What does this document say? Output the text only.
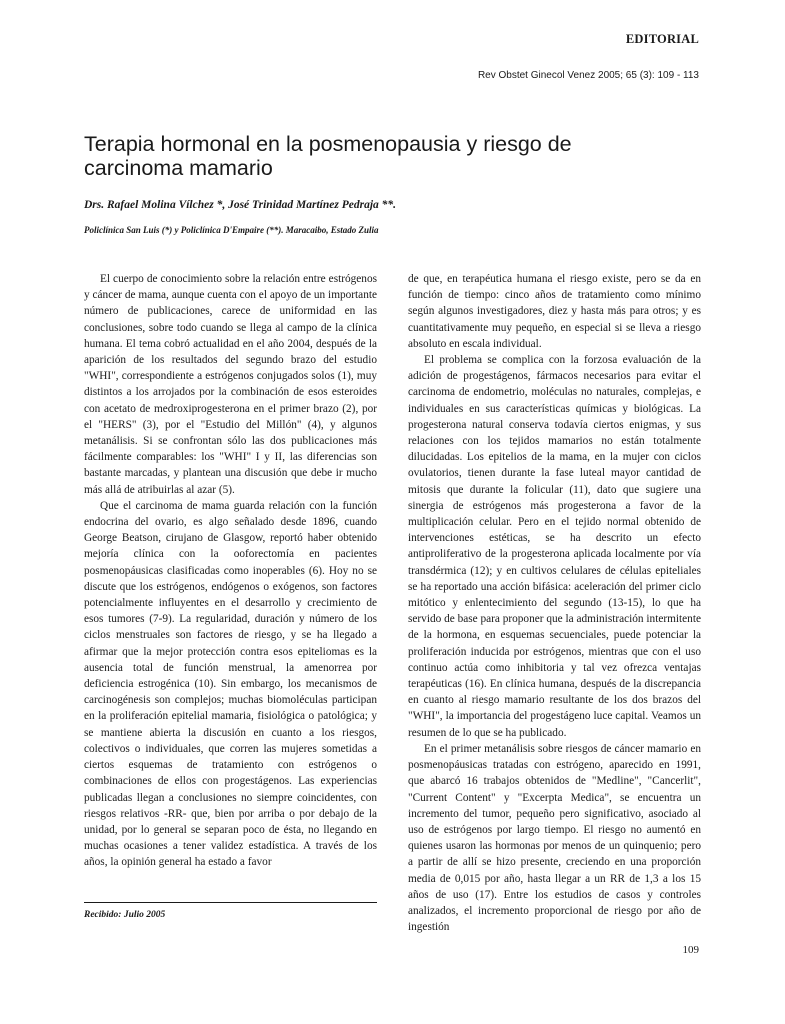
EDITORIAL
Rev Obstet Ginecol Venez 2005; 65 (3): 109 - 113
Terapia hormonal en la posmenopausia y riesgo de carcinoma mamario
Drs. Rafael Molina Vílchez *, José Trinidad Martínez Pedraja **.
Policlínica San Luis (*) y Policlínica D'Empaire (**). Maracaibo, Estado Zulia

El cuerpo de conocimiento sobre la relación entre estrógenos y cáncer de mama, aunque cuenta con el apoyo de un importante número de publicaciones, carece de uniformidad en las conclusiones, sobre todo cuando se llega al campo de la clínica humana. El tema cobró actualidad en el año 2004, después de la aparición de los resultados del segundo brazo del estudio "WHI", correspondiente a estrógenos conjugados solos (1), muy distintos a los arrojados por la combinación de esos esteroides con acetato de medroxiprogesterona en el primer brazo (2), por el "HERS" (3), por el "Estudio del Millón" (4), y algunos metanálisis. Si se confrontan sólo las dos publicaciones más fácilmente comparables: los "WHI" I y II, las diferencias son bastante marcadas, y plantean una discusión que debe ir mucho más allá de atribuirlas al azar (5).

Que el carcinoma de mama guarda relación con la función endocrina del ovario, es algo señalado desde 1896, cuando George Beatson, cirujano de Glasgow, reportó haber obtenido mejoría clínica con la ooforectomía en pacientes posmenopáusicas clasificadas como inoperables (6). Hoy no se discute que los estrógenos, endógenos o exógenos, son factores potencialmente influyentes en el desarrollo y crecimiento de esos tumores (7-9). La regularidad, duración y número de los ciclos menstruales son factores de riesgo, y se ha llegado a afirmar que la mejor protección contra esos epiteliomas es la ausencia total de función menstrual, la amenorrea por deficiencia estrogénica (10). Sin embargo, los mecanismos de carcinogénesis son complejos; muchas biomoléculas participan en la proliferación epitelial mamaria, fisiológica o patológica; y se mantiene abierta la discusión en cuanto a los riesgos, colectivos o individuales, que corren las mujeres sometidas a ciertos esquemas de tratamiento con estrógenos o combinaciones de ellos con progestágenos. Las experiencias publicadas llegan a conclusiones no siempre coincidentes, con riesgos relativos -RR- que, bien por arriba o por debajo de la unidad, por lo general se separan poco de ésta, no llegando en muchas ocasiones a tener validez estadística. A través de los años, la opinión general ha estado a favor

de que, en terapéutica humana el riesgo existe, pero se da en función de tiempo: cinco años de tratamiento como mínimo según algunos investigadores, diez y hasta más para otros; y es cuantitativamente muy pequeño, en especial si se lleva a riesgo absoluto en escala individual.

El problema se complica con la forzosa evaluación de la adición de progestágenos, fármacos necesarios para evitar el carcinoma de endometrio, moléculas no naturales, complejas, e individuales en sus características químicas y biológicas. La progesterona natural conserva todavía ciertos enigmas, y sus relaciones con los tejidos mamarios no están totalmente dilucidadas. Los epitelios de la mama, en la mujer con ciclos ovulatorios, tienen durante la fase luteal mayor cantidad de mitosis que durante la folicular (11), dato que sugiere una sinergia de estrógenos más progesterona a favor de la multiplicación celular. Pero en el tejido normal obtenido de intervenciones estéticas, se ha descrito un efecto antiproliferativo de la progesterona aplicada localmente por vía transdérmica (12); y en cultivos celulares de células epiteliales se ha reportado una acción bifásica: aceleración del primer ciclo mitótico y enlentecimiento del segundo (13-15), lo que ha servido de base para proponer que la administración intermitente de la hormona, en esquemas secuenciales, puede potenciar la proliferación inducida por estrógenos, mientras que con el uso continuo actúa como inhibitoria y tal vez ofrezca ventajas terapéuticas (16). En clínica humana, después de la discrepancia en cuanto al riesgo mamario resultante de los dos brazos del "WHI", la importancia del progestágeno luce capital. Veamos un resumen de lo que se ha publicado.

En el primer metanálisis sobre riesgos de cáncer mamario en posmenopáusicas tratadas con estrógeno, aparecido en 1991, que abarcó 16 trabajos obtenidos de "Medline", "Cancerlit", "Current Content" y "Excerpta Medica", se encuentra un incremento del tumor, pequeño pero significativo, asociado al uso de estrógenos por largo tiempo. El riesgo no aumentó en quienes usaron las hormonas por menos de un quinquenio; pero a partir de allí se hizo presente, creciendo en una proporción media de 0,015 por año, hasta llegar a un RR de 1,3 a los 15 años de uso (17). Entre los estudios de casos y controles analizados, el incremento proporcional de riesgo por año de ingestión

Recibido: Julio 2005
109
